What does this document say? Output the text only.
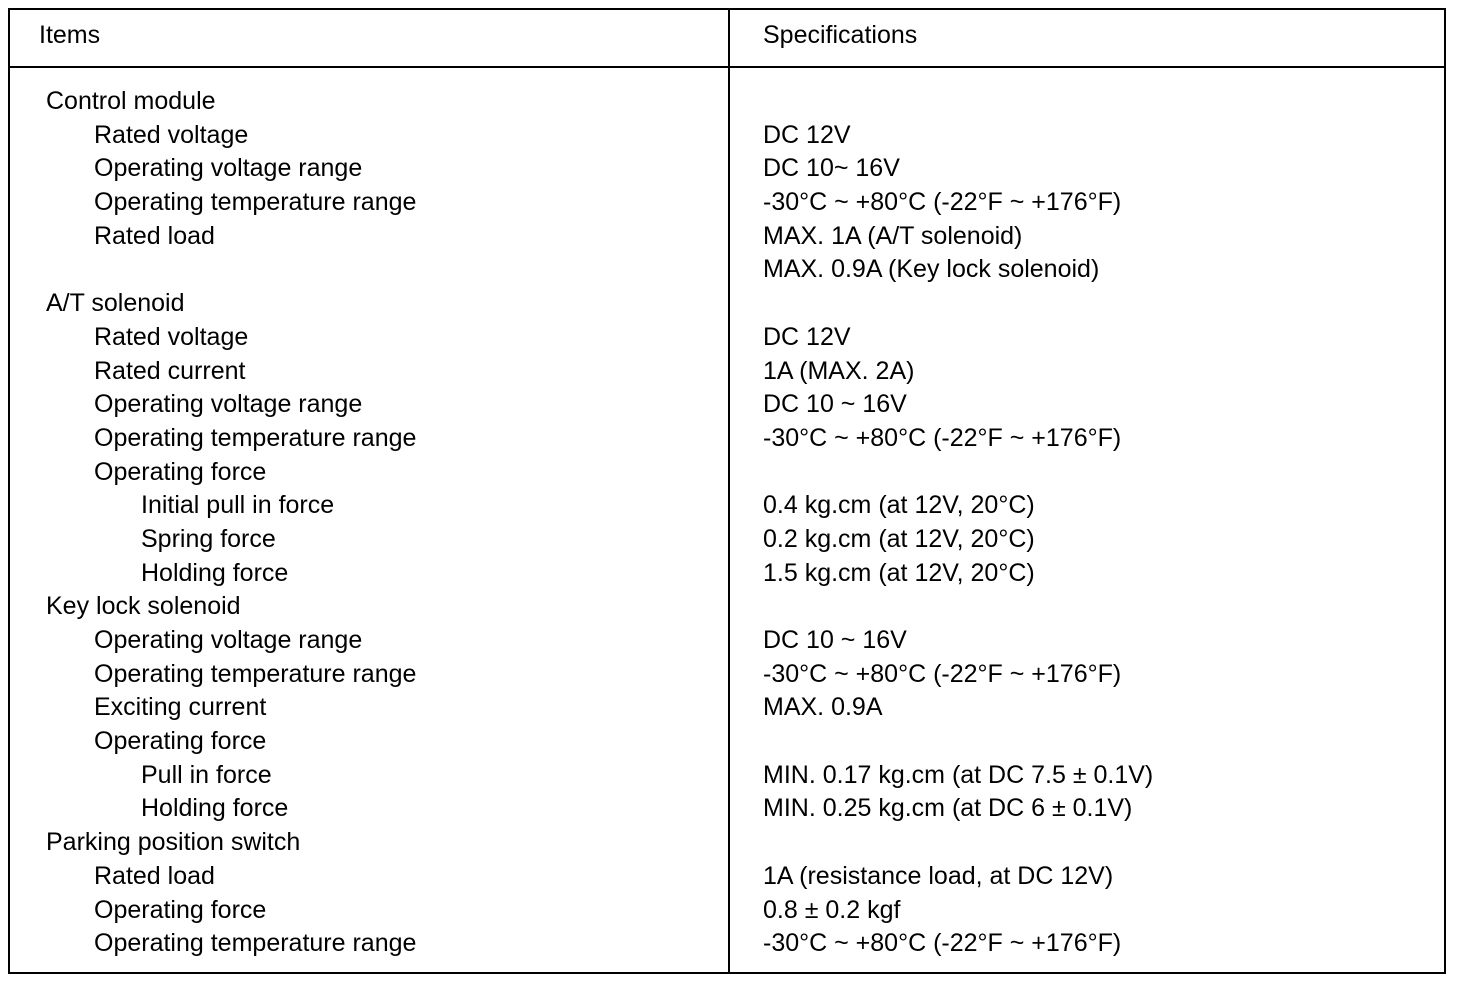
Items	Specifications
Control module
Rated voltage	DC 12V
Operating voltage range	DC 10~ 16V
Operating temperature range	-30°C ~ +80°C (-22°F ~ +176°F)
Rated load	MAX. 1A (A/T solenoid)
MAX. 0.9A (Key lock solenoid)
A/T solenoid
Rated voltage	DC 12V
Rated current	1A (MAX. 2A)
Operating voltage range	DC 10 ~ 16V
Operating temperature range	-30°C ~ +80°C (-22°F ~ +176°F)
Operating force
Initial pull in force	0.4 kg.cm (at 12V, 20°C)
Spring force	0.2 kg.cm (at 12V, 20°C)
Holding force	1.5 kg.cm (at 12V, 20°C)
Key lock solenoid
Operating voltage range	DC 10 ~ 16V
Operating temperature range	-30°C ~ +80°C (-22°F ~ +176°F)
Exciting current	MAX. 0.9A
Operating force
Pull in force	MIN. 0.17 kg.cm (at DC 7.5 ± 0.1V)
Holding force	MIN. 0.25 kg.cm (at DC 6 ± 0.1V)
Parking position switch
Rated load	1A (resistance load, at DC 12V)
Operating force	0.8 ± 0.2 kgf
Operating temperature range	-30°C ~ +80°C (-22°F ~ +176°F)
